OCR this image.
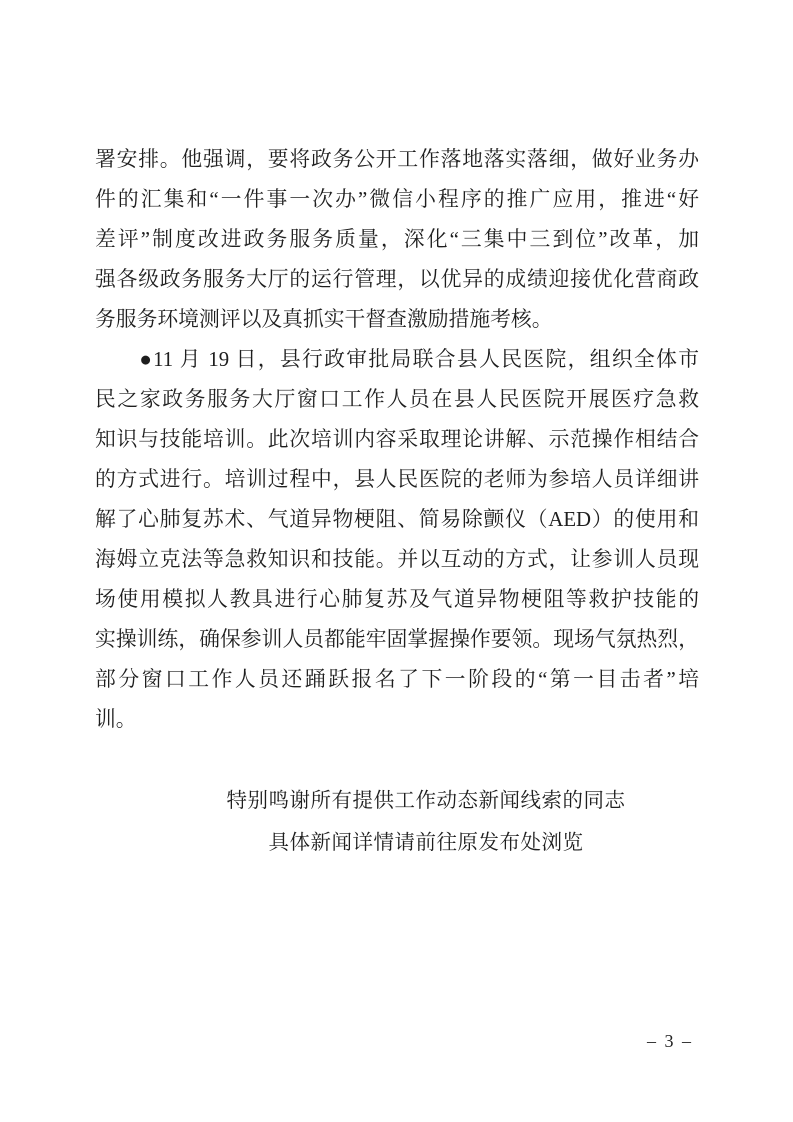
署安排。他强调，要将政务公开工作落地落实落细，做好业务办
件的汇集和“一件事一次办”微信小程序的推广应用，推进“好
差评”制度改进政务服务质量，深化“三集中三到位”改革，加
强各级政务服务大厅的运行管理，以优异的成绩迎接优化营商政
务服务环境测评以及真抓实干督查激励措施考核。
　　●11 月 19 日，县行政审批局联合县人民医院，组织全体市
民之家政务服务大厅窗口工作人员在县人民医院开展医疗急救
知识与技能培训。此次培训内容采取理论讲解、示范操作相结合
的方式进行。培训过程中，县人民医院的老师为参培人员详细讲
解了心肺复苏术、气道异物梗阻、简易除颤仪（AED）的使用和
海姆立克法等急救知识和技能。并以互动的方式，让参训人员现
场使用模拟人教具进行心肺复苏及气道异物梗阻等救护技能的
实操训练，确保参训人员都能牢固掌握操作要领。现场气氛热烈，
部分窗口工作人员还踊跃报名了下一阶段的“第一目击者”培
训。
特别鸣谢所有提供工作动态新闻线索的同志
具体新闻详情请前往原发布处浏览
– 3 –
